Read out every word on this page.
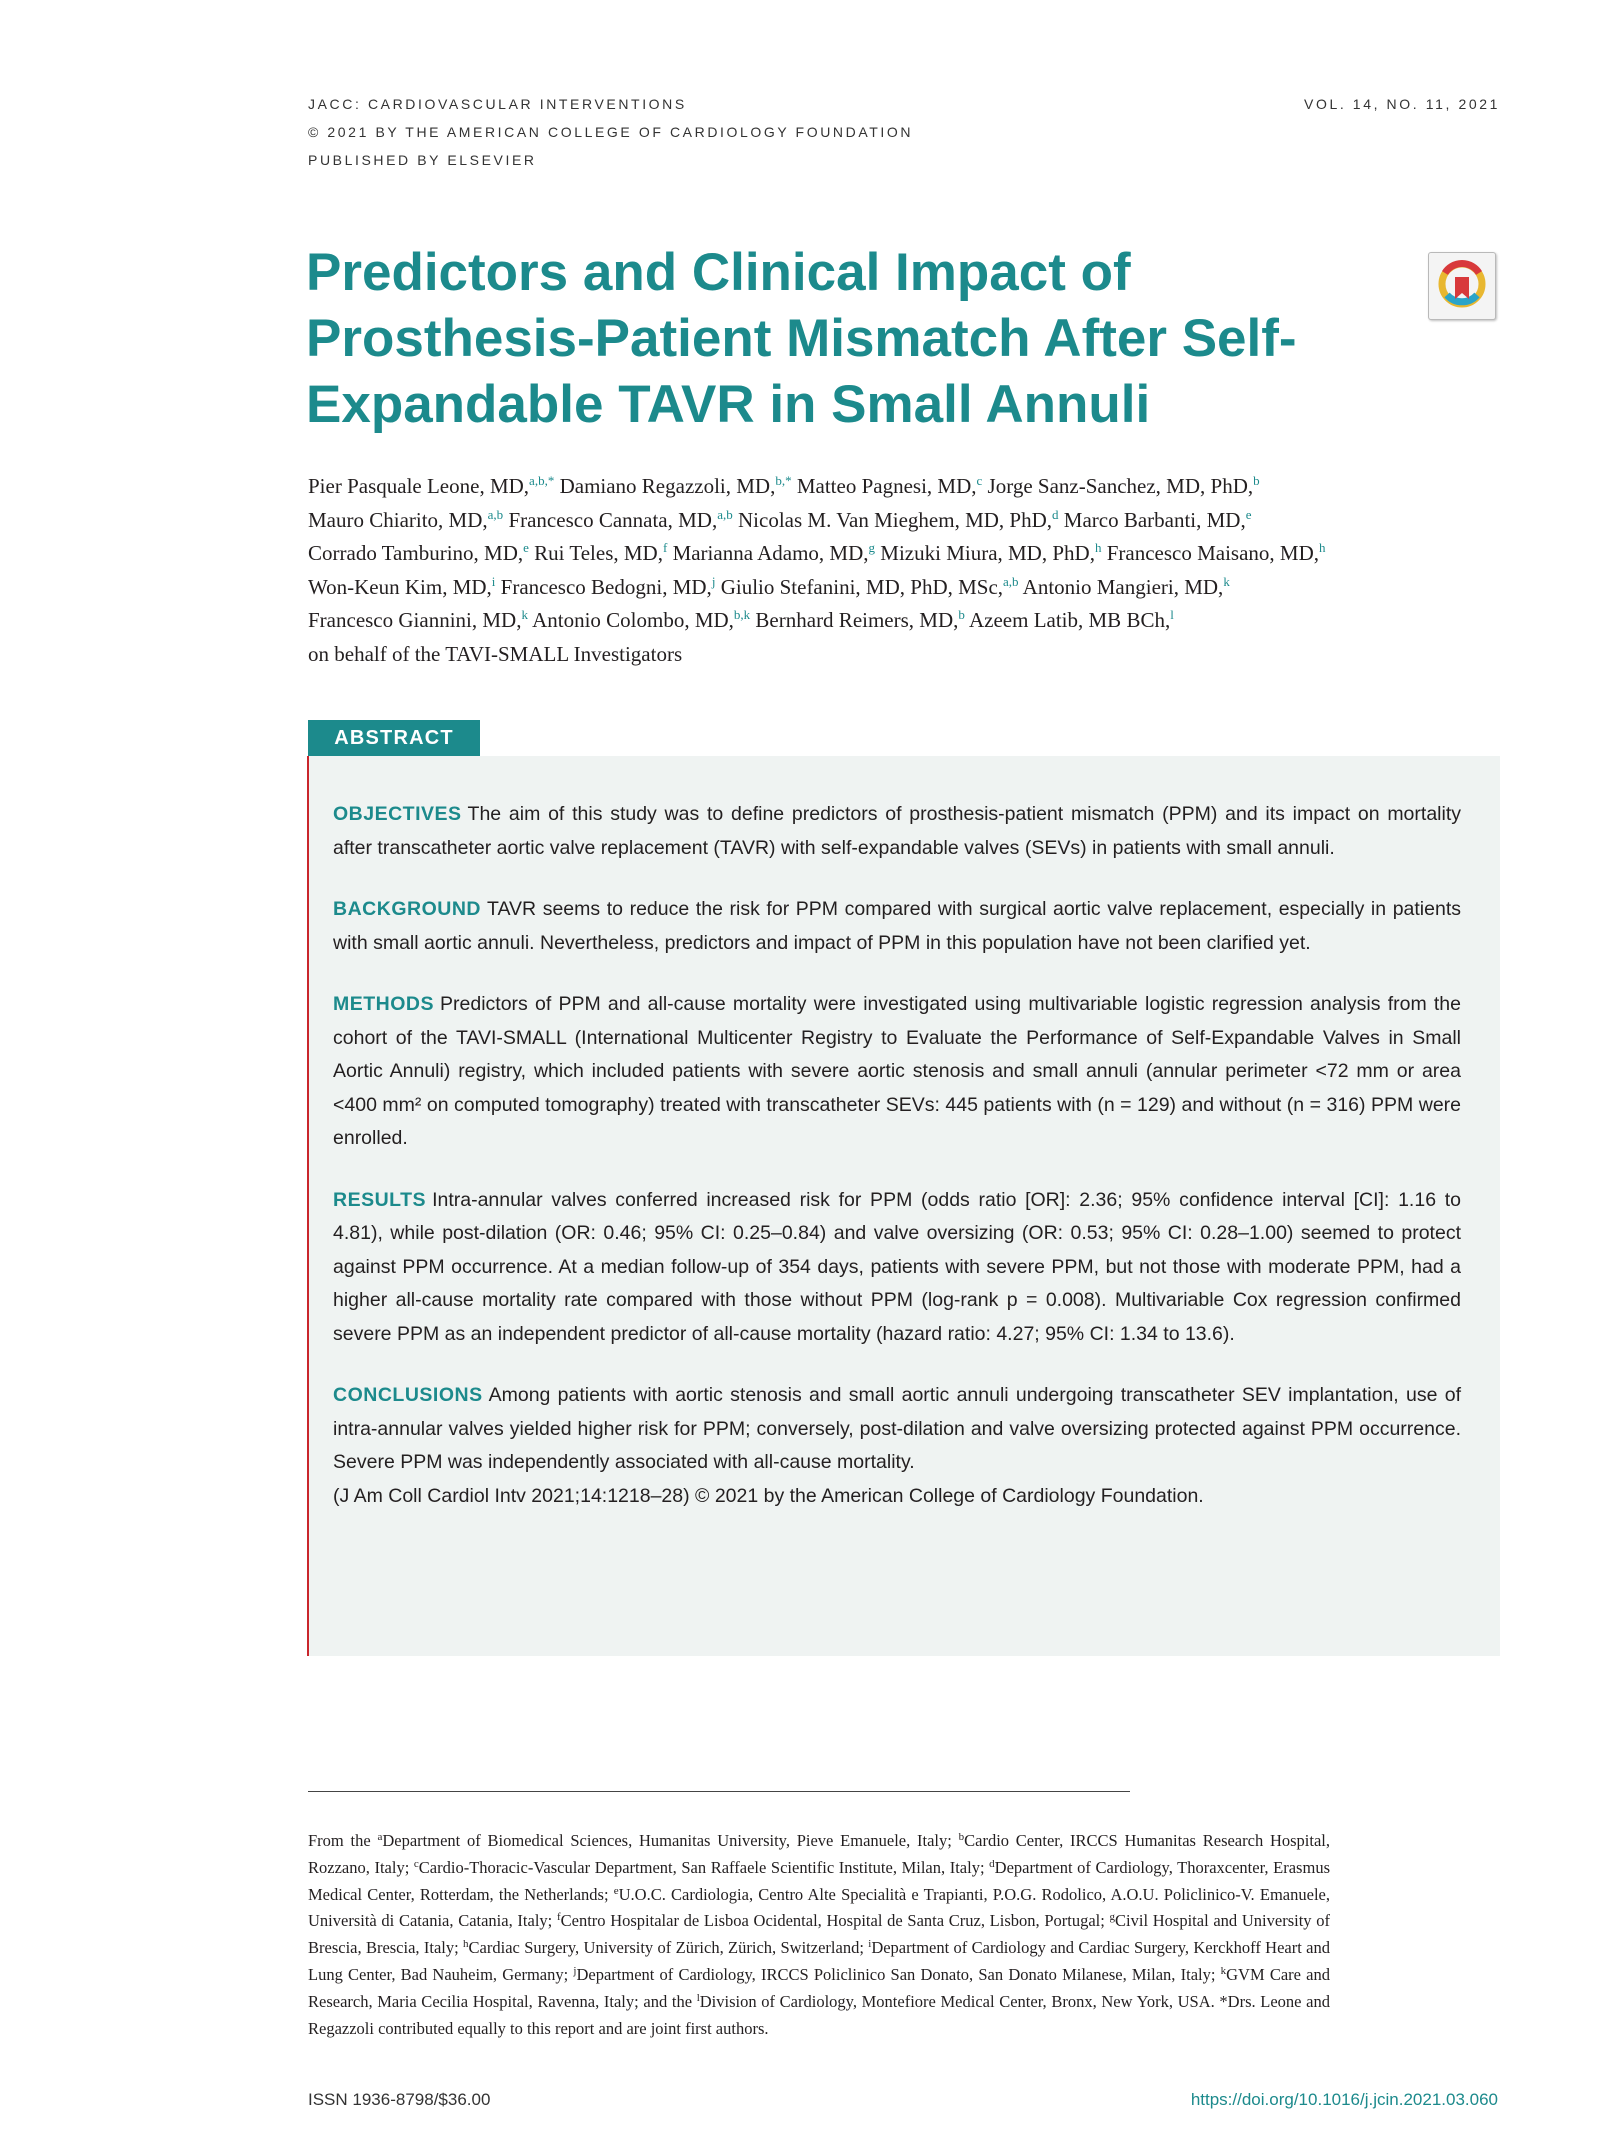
JACC: CARDIOVASCULAR INTERVENTIONS
© 2021 BY THE AMERICAN COLLEGE OF CARDIOLOGY FOUNDATION
PUBLISHED BY ELSEVIER
VOL. 14, NO. 11, 2021
Predictors and Clinical Impact of Prosthesis-Patient Mismatch After Self-Expandable TAVR in Small Annuli
Pier Pasquale Leone, MD,$^{a,b,*}$ Damiano Regazzoli, MD,$^{b,*}$ Matteo Pagnesi, MD,$^c$ Jorge Sanz-Sanchez, MD, PhD,$^b$
Mauro Chiarito, MD,$^{a,b}$ Francesco Cannata, MD,$^{a,b}$ Nicolas M. Van Mieghem, MD, PhD,$^d$ Marco Barbanti, MD,$^e$
Corrado Tamburino, MD,$^e$ Rui Teles, MD,$^f$ Marianna Adamo, MD,$^g$ Mizuki Miura, MD, PhD,$^h$ Francesco Maisano, MD,$^h$
Won-Keun Kim, MD,$^i$ Francesco Bedogni, MD,$^j$ Giulio Stefanini, MD, PhD, MSc,$^{a,b}$ Antonio Mangieri, MD,$^k$
Francesco Giannini, MD,$^k$ Antonio Colombo, MD,$^{b,k}$ Bernhard Reimers, MD,$^b$ Azeem Latib, MB BCh,$^l$
on behalf of the TAVI-SMALL Investigators
ABSTRACT

OBJECTIVES The aim of this study was to define predictors of prosthesis-patient mismatch (PPM) and its impact on mortality after transcatheter aortic valve replacement (TAVR) with self-expandable valves (SEVs) in patients with small annuli.

BACKGROUND TAVR seems to reduce the risk for PPM compared with surgical aortic valve replacement, especially in patients with small aortic annuli. Nevertheless, predictors and impact of PPM in this population have not been clarified yet.

METHODS Predictors of PPM and all-cause mortality were investigated using multivariable logistic regression analysis from the cohort of the TAVI-SMALL (International Multicenter Registry to Evaluate the Performance of Self-Expandable Valves in Small Aortic Annuli) registry, which included patients with severe aortic stenosis and small annuli (annular perimeter <72 mm or area <400 mm² on computed tomography) treated with transcatheter SEVs: 445 patients with (n = 129) and without (n = 316) PPM were enrolled.

RESULTS Intra-annular valves conferred increased risk for PPM (odds ratio [OR]: 2.36; 95% confidence interval [CI]: 1.16 to 4.81), while post-dilation (OR: 0.46; 95% CI: 0.25–0.84) and valve oversizing (OR: 0.53; 95% CI: 0.28–1.00) seemed to protect against PPM occurrence. At a median follow-up of 354 days, patients with severe PPM, but not those with moderate PPM, had a higher all-cause mortality rate compared with those without PPM (log-rank p = 0.008). Multivariable Cox regression confirmed severe PPM as an independent predictor of all-cause mortality (hazard ratio: 4.27; 95% CI: 1.34 to 13.6).

CONCLUSIONS Among patients with aortic stenosis and small aortic annuli undergoing transcatheter SEV implantation, use of intra-annular valves yielded higher risk for PPM; conversely, post-dilation and valve oversizing protected against PPM occurrence. Severe PPM was independently associated with all-cause mortality.

(J Am Coll Cardiol Intv 2021;14:1218–28) © 2021 by the American College of Cardiology Foundation.

From the $^a$Department of Biomedical Sciences, Humanitas University, Pieve Emanuele, Italy; $^b$Cardio Center, IRCCS Humanitas Research Hospital, Rozzano, Italy; $^c$Cardio-Thoracic-Vascular Department, San Raffaele Scientific Institute, Milan, Italy; $^d$Department of Cardiology, Thoraxcenter, Erasmus Medical Center, Rotterdam, the Netherlands; $^e$U.O.C. Cardiologia, Centro Alte Specialità e Trapianti, P.O.G. Rodolico, A.O.U. Policlinico-V. Emanuele, Università di Catania, Catania, Italy; $^f$Centro Hospitalar de Lisboa Ocidental, Hospital de Santa Cruz, Lisbon, Portugal; $^g$Civil Hospital and University of Brescia, Brescia, Italy; $^h$Cardiac Surgery, University of Zürich, Zürich, Switzerland; $^i$Department of Cardiology and Cardiac Surgery, Kerckhoff Heart and Lung Center, Bad Nauheim, Germany; $^j$Department of Cardiology, IRCCS Policlinico San Donato, San Donato Milanese, Milan, Italy; $^k$GVM Care and Research, Maria Cecilia Hospital, Ravenna, Italy; and the $^l$Division of Cardiology, Montefiore Medical Center, Bronx, New York, USA. *Drs. Leone and Regazzoli contributed equally to this report and are joint first authors.
ISSN 1936-8798/$36.00	https://doi.org/10.1016/j.jcin.2021.03.060
